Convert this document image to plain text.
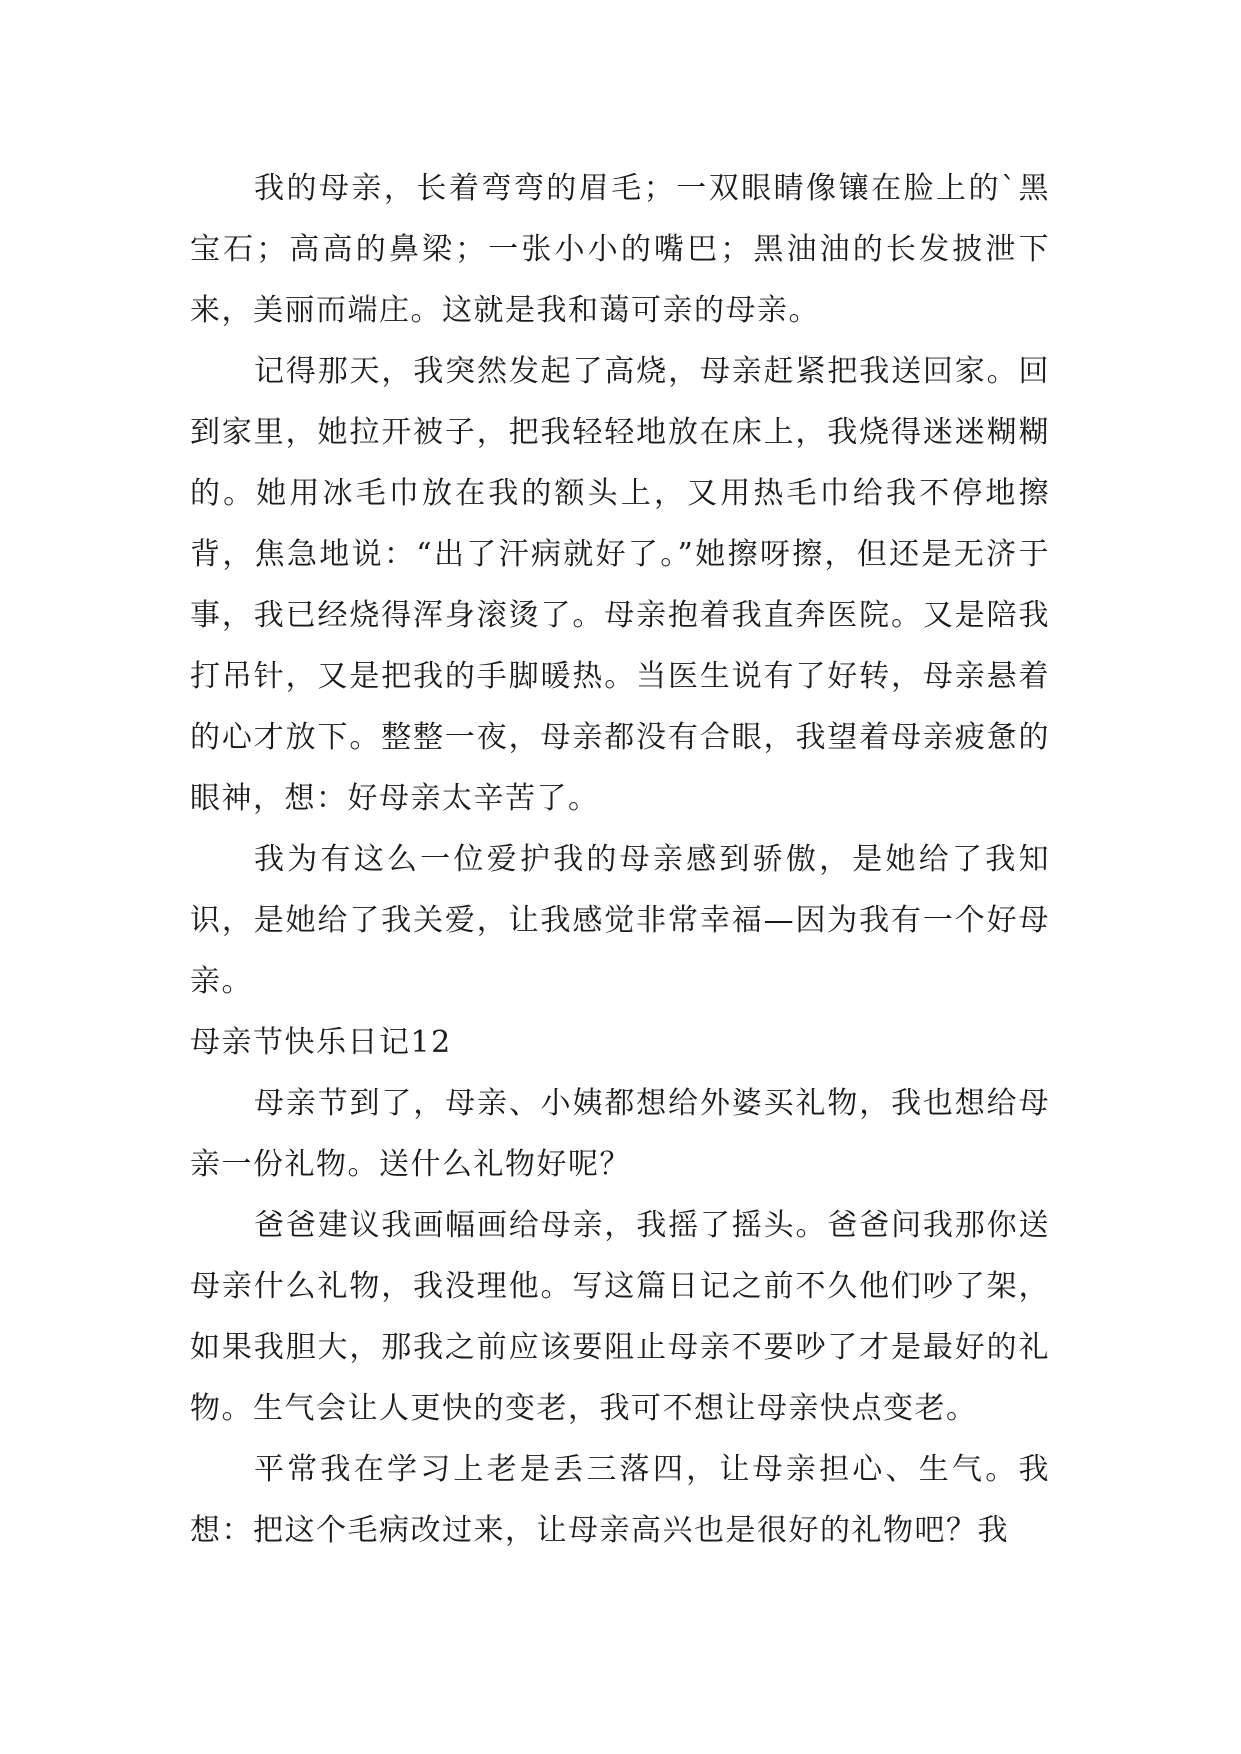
我的母亲，长着弯弯的眉毛；一双眼睛像镶在脸上的`黑宝石；高高的鼻梁；一张小小的嘴巴；黑油油的长发披泄下来，美丽而端庄。这就是我和蔼可亲的母亲。

记得那天，我突然发起了高烧，母亲赶紧把我送回家。回到家里，她拉开被子，把我轻轻地放在床上，我烧得迷迷糊糊的。她用冰毛巾放在我的额头上，又用热毛巾给我不停地擦背，焦急地说：“出了汗病就好了。”她擦呀擦，但还是无济于事，我已经烧得浑身滚烫了。母亲抱着我直奔医院。又是陪我打吊针，又是把我的手脚暖热。当医生说有了好转，母亲悬着的心才放下。整整一夜，母亲都没有合眼，我望着母亲疲惫的眼神，想：好母亲太辛苦了。

我为有这么一位爱护我的母亲感到骄傲，是她给了我知识，是她给了我关爱，让我感觉非常幸福—因为我有一个好母亲。

母亲节快乐日记12

母亲节到了，母亲、小姨都想给外婆买礼物，我也想给母亲一份礼物。送什么礼物好呢？

爸爸建议我画幅画给母亲，我摇了摇头。爸爸问我那你送母亲什么礼物，我没理他。写这篇日记之前不久他们吵了架，如果我胆大，那我之前应该要阻止母亲不要吵了才是最好的礼物。生气会让人更快的变老，我可不想让母亲快点变老。

平常我在学习上老是丢三落四，让母亲担心、生气。我想：把这个毛病改过来，让母亲高兴也是很好的礼物吧？我
